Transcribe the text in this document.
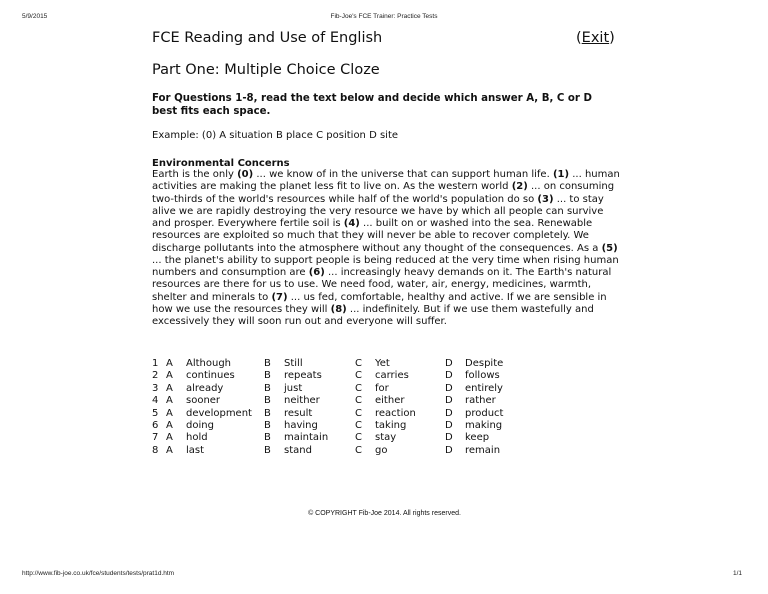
5/9/2015	Fib-Joe's FCE Trainer: Practice Tests
FCE Reading and Use of English	(Exit)
Part One: Multiple Choice Cloze

For Questions 1-8, read the text below and decide which answer A, B, C or D best fits each space.

Example: (0) A situation B place C position D site

Environmental Concerns

Earth is the only (0) ... we know of in the universe that can support human life. (1) ... human activities are making the planet less fit to live on. As the western world (2) ... on consuming two-thirds of the world's resources while half of the world's population do so (3) ... to stay alive we are rapidly destroying the very resource we have by which all people can survive and prosper. Everywhere fertile soil is (4) ... built on or washed into the sea. Renewable resources are exploited so much that they will never be able to recover completely. We discharge pollutants into the atmosphere without any thought of the consequences. As a (5) ... the planet's ability to support people is being reduced at the very time when rising human numbers and consumption are (6) ... increasingly heavy demands on it. The Earth's natural resources are there for us to use. We need food, water, air, energy, medicines, warmth, shelter and minerals to (7) ... us fed, comfortable, healthy and active. If we are sensible in how we use the resources they will (8) ... indefinitely. But if we use them wastefully and excessively they will soon run out and everyone will suffer.

1	A	Although	B	Still	C	Yet	D	Despite
2	A	continues	B	repeats	C	carries	D	follows
3	A	already	B	just	C	for	D	entirely
4	A	sooner	B	neither	C	either	D	rather
5	A	development	B	result	C	reaction	D	product
6	A	doing	B	having	C	taking	D	making
7	A	hold	B	maintain	C	stay	D	keep
8	A	last	B	stand	C	go	D	remain

© COPYRIGHT Fib-Joe 2014. All rights reserved.

http://www.fib-joe.co.uk/fce/students/tests/prat1d.htm	1/1
